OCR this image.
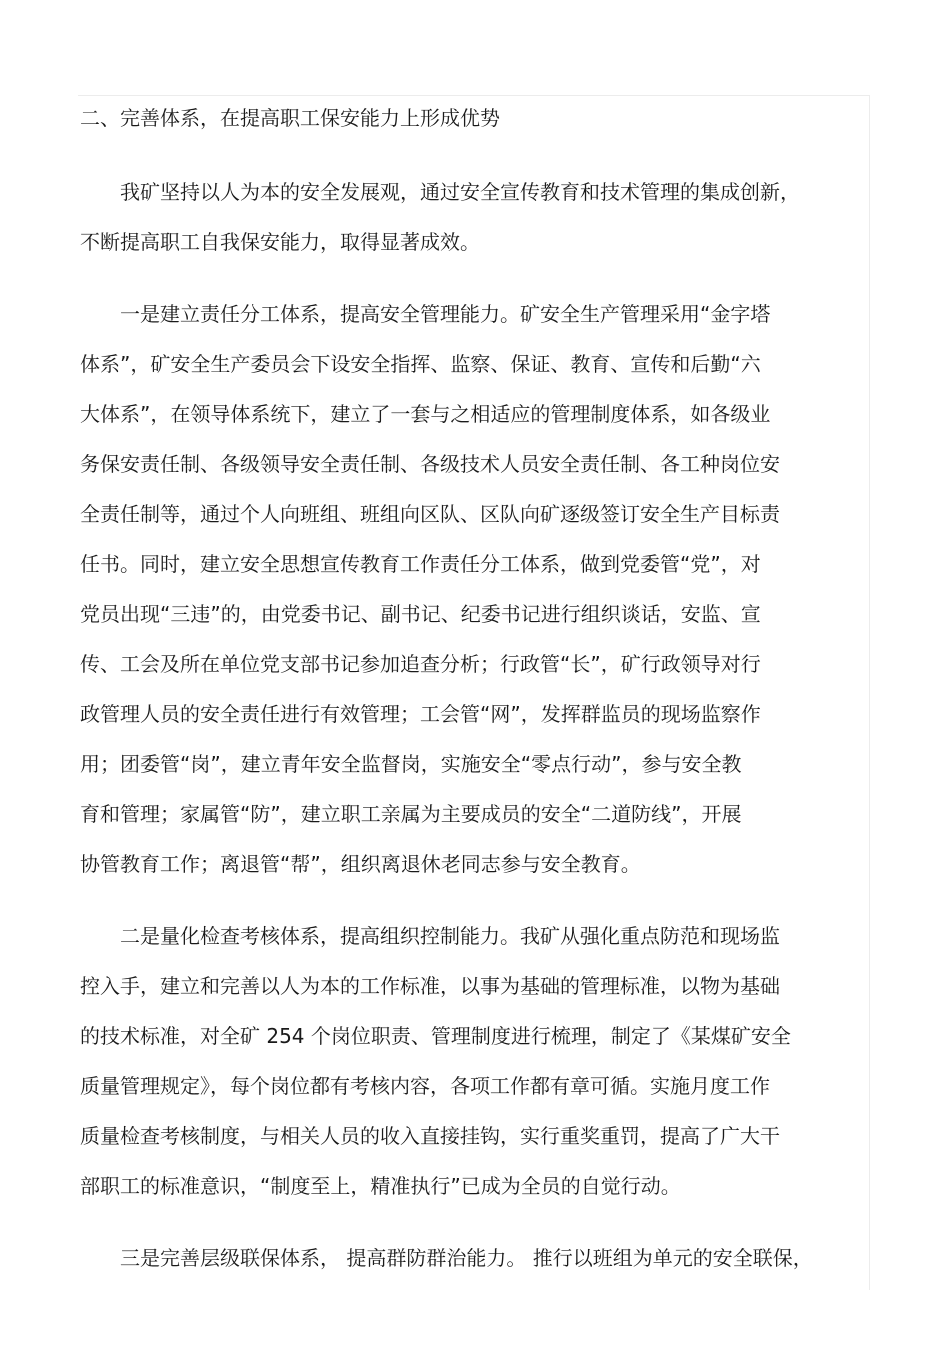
二、完善体系，在提高职工保安能力上形成优势
我矿坚持以人为本的安全发展观，通过安全宣传教育和技术管理的集成创新，
不断提高职工自我保安能力，取得显著成效。
一是建立责任分工体系，提高安全管理能力。矿安全生产管理采用“金字塔
体系”，矿安全生产委员会下设安全指挥、监察、保证、教育、宣传和后勤“六
大体系”，在领导体系统下，建立了一套与之相适应的管理制度体系，如各级业
务保安责任制、各级领导安全责任制、各级技术人员安全责任制、各工种岗位安
全责任制等，通过个人向班组、班组向区队、区队向矿逐级签订安全生产目标责
任书。同时，建立安全思想宣传教育工作责任分工体系，做到党委管“党”，对
党员出现“三违”的，由党委书记、副书记、纪委书记进行组织谈话，安监、宣
传、工会及所在单位党支部书记参加追查分析；行政管“长”，矿行政领导对行
政管理人员的安全责任进行有效管理；工会管“网”，发挥群监员的现场监察作
用；团委管“岗”，建立青年安全监督岗，实施安全“零点行动”，参与安全教
育和管理；家属管“防”，建立职工亲属为主要成员的安全“二道防线”，开展
协管教育工作；离退管“帮”，组织离退休老同志参与安全教育。
二是量化检查考核体系，提高组织控制能力。我矿从强化重点防范和现场监
控入手，建立和完善以人为本的工作标准，以事为基础的管理标准，以物为基础
的技术标准，对全矿 254 个岗位职责、管理制度进行梳理，制定了《某煤矿安全
质量管理规定》，每个岗位都有考核内容，各项工作都有章可循。实施月度工作
质量检查考核制度，与相关人员的收入直接挂钩，实行重奖重罚，提高了广大干
部职工的标准意识，“制度至上，精准执行”已成为全员的自觉行动。
三是完善层级联保体系， 提高群防群治能力。 推行以班组为单元的安全联保，
